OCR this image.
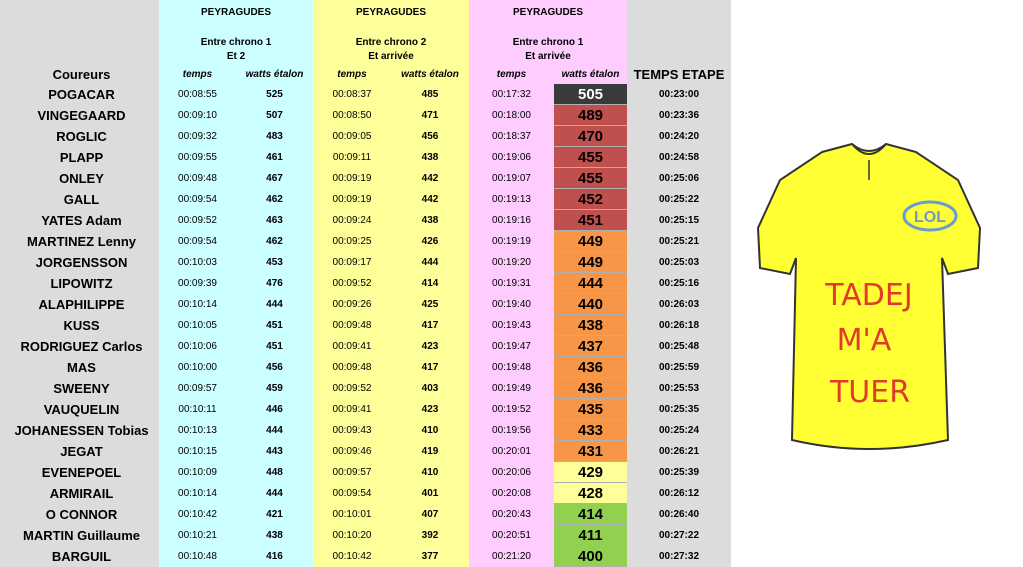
	PEYRAGUDES
Entre chrono 1
Et 2		PEYRAGUDES
Entre chrono 2
Et arrivée		PEYRAGUDES
Entre chrono 1
Et arrivée		

Coureurs	temps	watts étalon	temps	watts étalon	temps	watts étalon	TEMPS ETAPE
POGACAR	00:08:55	525	00:08:37	485	00:17:32	505	00:23:00
VINGEGAARD	00:09:10	507	00:08:50	471	00:18:00	489	00:23:36
ROGLIC	00:09:32	483	00:09:05	456	00:18:37	470	00:24:20
PLAPP	00:09:55	461	00:09:11	438	00:19:06	455	00:24:58
ONLEY	00:09:48	467	00:09:19	442	00:19:07	455	00:25:06
GALL	00:09:54	462	00:09:19	442	00:19:13	452	00:25:22
YATES Adam	00:09:52	463	00:09:24	438	00:19:16	451	00:25:15
MARTINEZ Lenny	00:09:54	462	00:09:25	426	00:19:19	449	00:25:21
JORGENSSON	00:10:03	453	00:09:17	444	00:19:20	449	00:25:03
LIPOWITZ	00:09:39	476	00:09:52	414	00:19:31	444	00:25:16
ALAPHILIPPE	00:10:14	444	00:09:26	425	00:19:40	440	00:26:03
KUSS	00:10:05	451	00:09:48	417	00:19:43	438	00:26:18
RODRIGUEZ Carlos	00:10:06	451	00:09:41	423	00:19:47	437	00:25:48
MAS	00:10:00	456	00:09:48	417	00:19:48	436	00:25:59
SWEENY	00:09:57	459	00:09:52	403	00:19:49	436	00:25:53
VAUQUELIN	00:10:11	446	00:09:41	423	00:19:52	435	00:25:35
JOHANESSEN Tobias	00:10:13	444	00:09:43	410	00:19:56	433	00:25:24
JEGAT	00:10:15	443	00:09:46	419	00:20:01	431	00:26:21
EVENEPOEL	00:10:09	448	00:09:57	410	00:20:06	429	00:25:39
ARMIRAIL	00:10:14	444	00:09:54	401	00:20:08	428	00:26:12
O CONNOR	00:10:42	421	00:10:01	407	00:20:43	414	00:26:40
MARTIN Guillaume	00:10:21	438	00:10:20	392	00:20:51	411	00:27:22
BARGUIL	00:10:48	416	00:10:42	377	00:21:20	400	00:27:32
LOL
TADEJ
M'A
TUER
